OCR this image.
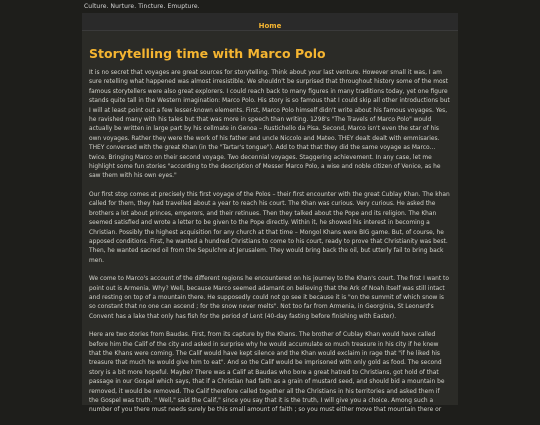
Culture. Nurture. Tincture. Emupture.
Home
Storytelling time with Marco Polo

It is no secret that voyages are great sources for storytelling. Think about your last venture. However small it was, I am sure retelling what happened was almost irresistible. We shouldn't be surprised that throughout history some of the most famous storytellers were also great explorers. I could reach back to many figures in many traditions today, yet one figure stands quite tall in the Western imagination: Marco Polo. His story is so famous that I could skip all other introductions but I will at least point out a few lesser-known elements. First, Marco Polo himself didn't write about his famous voyages. Yes, he ravished many with his tales but that was more in speech than writing. 1298's "The Travels of Marco Polo" would actually be written in large part by his cellmate in Genoa – Rustichello da Pisa. Second, Marco isn't even the star of his own voyages. Rather they were the work of his father and uncle Niccolo and Mateo. THEY dealt dealt with emmisaries. THEY conversed with the great Khan (in the "Tartar's tongue"). Add to that that they did the same voyage as Marco… twice. Bringing Marco on their second voyage. Two decennial voyages. Staggering achievement. In any case, let me highlight some fun stories "according to the description of Messer Marco Polo, a wise and noble citizen of Venice, as he saw them with his own eyes."

Our first stop comes at precisely this first voyage of the Polos – their first encounter with the great Cublay Khan. The khan called for them, they had travelled about a year to reach his court. The Khan was curious. Very curious. He asked the brothers a lot about princes, emperors, and their retinues. Then they talked about the Pope and its religion. The Khan seemed satisfied and wrote a letter to be given to the Pope directly. Within it, he showed his interest in becoming a Christian. Possibly the highest acquisition for any church at that time – Mongol Khans were BIG game. But, of course, he apposed conditions. First, he wanted a hundred Christians to come to his court, ready to prove that Christianity was best. Then, he wanted sacred oil from the Sepulchre at Jerusalem. They would bring back the oil, but utterly fail to bring back men.

We come to Marco's account of the different regions he encountered on his journey to the Khan's court. The first I want to point out is Armenia. Why? Well, because Marco seemed adamant on believing that the Ark of Noah itself was still intact and resting on top of a mountain there. He supposedly could not go see it because it is "on the summit of which snow is so constant that no one can ascend ; for the snow never melts". Not too far from Armenia, in Georginia, St Leonard's Convent has a lake that only has fish for the period of Lent (40-day fasting before finishing with Easter).

Here are two stories from Baudas. First, from its capture by the Khans. The brother of Cublay Khan would have called before him the Calif of the city and asked in surprise why he would accumulate so much treasure in his city if he knew that the Khans were coming. The Calif would have kept silence and the Khan would exclaim in rage that "if he liked his treasure that much he would give him to eat". And so the Calif would be imprisoned with only gold as food. The second story is a bit more hopeful. Maybe? There was a Calif at Baudas who bore a great hatred to Christians, got hold of that passage in our Gospel which says, that if a Christian had faith as a grain of mustard seed, and should bid a mountain be removed, it would be removed. The Calif therefore called together all the Christians in his territories and asked them if the Gospel was truth. " Well," said the Calif," since you say that it is the truth, I will give you a choice. Among such a number of you there must needs surely be this small amount of faith ; so you must either move that mountain there or
